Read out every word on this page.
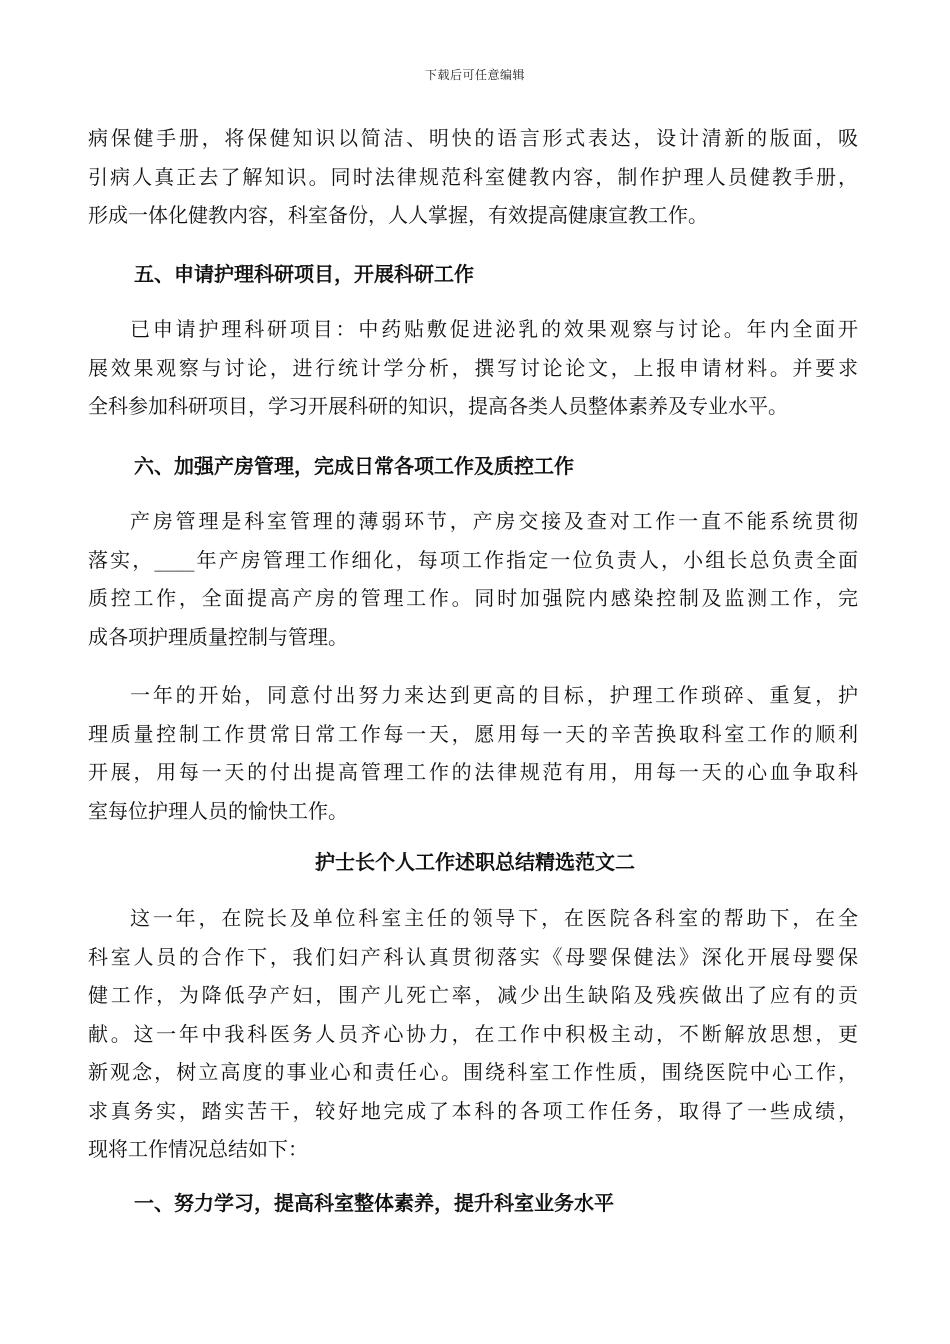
下载后可任意编辑
病保健手册，将保健知识以简洁、明快的语言形式表达，设计清新的版面，吸
引病人真正去了解知识。同时法律规范科室健教内容，制作护理人员健教手册，
形成一体化健教内容，科室备份，人人掌握，有效提高健康宣教工作。
五、申请护理科研项目，开展科研工作
已申请护理科研项目：中药贴敷促进泌乳的效果观察与讨论。年内全面开
展效果观察与讨论，进行统计学分析，撰写讨论论文，上报申请材料。并要求
全科参加科研项目，学习开展科研的知识，提高各类人员整体素养及专业水平。
六、加强产房管理，完成日常各项工作及质控工作
产房管理是科室管理的薄弱环节，产房交接及查对工作一直不能系统贯彻
落实，____年产房管理工作细化，每项工作指定一位负责人，小组长总负责全面
质控工作，全面提高产房的管理工作。同时加强院内感染控制及监测工作，完
成各项护理质量控制与管理。
一年的开始，同意付出努力来达到更高的目标，护理工作琐碎、重复，护
理质量控制工作贯常日常工作每一天，愿用每一天的辛苦换取科室工作的顺利
开展，用每一天的付出提高管理工作的法律规范有用，用每一天的心血争取科
室每位护理人员的愉快工作。
护士长个人工作述职总结精选范文二
这一年，在院长及单位科室主任的领导下，在医院各科室的帮助下，在全
科室人员的合作下，我们妇产科认真贯彻落实《母婴保健法》深化开展母婴保
健工作，为降低孕产妇，围产儿死亡率，减少出生缺陷及残疾做出了应有的贡
献。这一年中我科医务人员齐心协力，在工作中积极主动，不断解放思想，更
新观念，树立高度的事业心和责任心。围绕科室工作性质，围绕医院中心工作，
求真务实，踏实苦干，较好地完成了本科的各项工作任务，取得了一些成绩，
现将工作情况总结如下：
一、努力学习，提高科室整体素养，提升科室业务水平
